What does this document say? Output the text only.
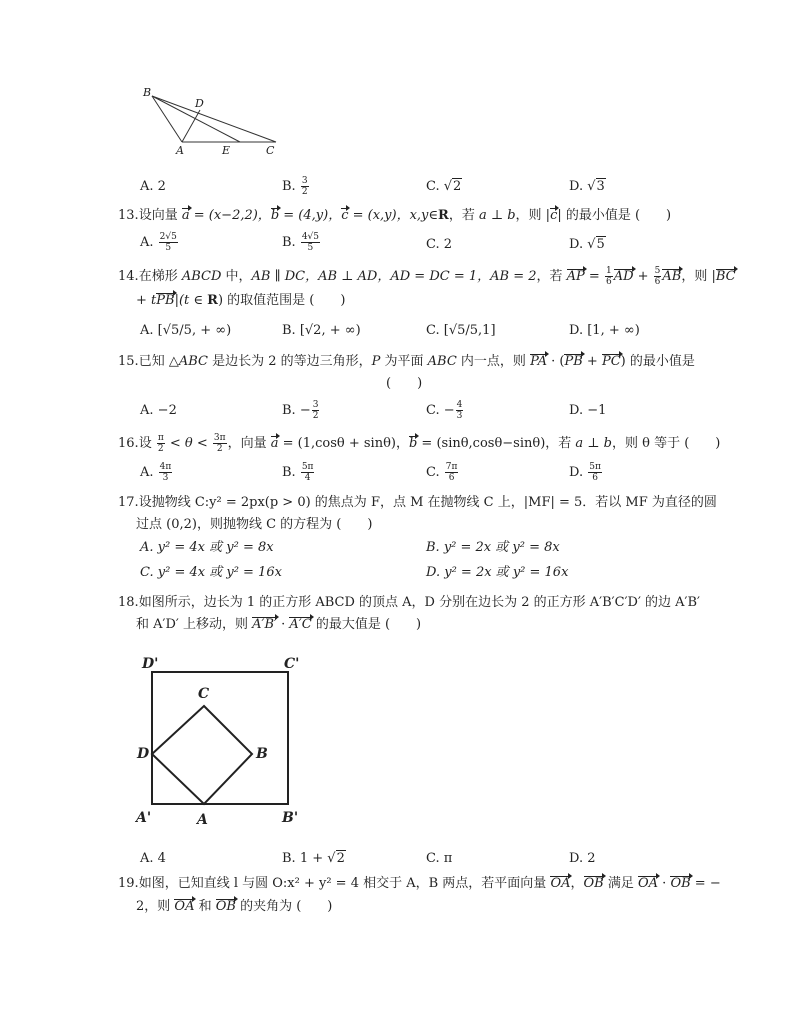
B
D
A	E	C
A. 2	B. $\frac{3}{2}$	C. √2	D. √3
13.设向量 a = (x−2,2)，b = (4,y)，c = (x,y)，x,y∈R，若 a ⊥ b，则 |c| 的最小值是 (　　)
A. $\frac{2√5}{5}$	B. $\frac{4√5}{5}$	C. 2	D. √5
14.在梯形 ABCD 中，AB ∥ DC，AB ⊥ AD，AD = DC = 1，AB = 2，若 AP = $\frac{1}{6}$ AD + $\frac{5}{6}$ AB，则 |BC
+ tPB|(t ∈ R) 的取值范围是 (　　)
A. [√5/5, + ∞)	B. [√2, + ∞)	C. [√5/5,1]	D. [1, + ∞)
15.已知 △ABC 是边长为 2 的等边三角形，P 为平面 ABC 内一点，则 PA · (PB + PC) 的最小值是
(　　)
A. −2	B. − $\frac{3}{2}$	C. − $\frac{4}{3}$	D. −1
16.设 $\frac{\pi}{2} < \theta < \frac{3\pi}{2}$ ，向量 a = (1,cosθ + sinθ)，b = (sinθ,cosθ−sinθ)，若 a ⊥ b，则 θ 等于 (　　)
A. $\frac{4\pi}{3}$	B. $\frac{5\pi}{4}$	C. $\frac{7\pi}{6}$	D. $\frac{5\pi}{6}$
17.设抛物线 C:y² = 2px(p > 0) 的焦点为 F，点 M 在抛物线 C 上，|MF| = 5．若以 MF 为直径的圆
过点 (0,2)，则抛物线 C 的方程为 (　　)
A. y² = 4x 或 y² = 8x	B. y² = 2x 或 y² = 8x
C. y² = 4x 或 y² = 16x	D. y² = 2x 或 y² = 16x
18.如图所示，边长为 1 的正方形 ABCD 的顶点 A，D 分别在边长为 2 的正方形 A′B′C′D′ 的边 A′B′
和 A′D′ 上移动，则 A′B′ · A′C 的最大值是 (　　)
D'	C'
C
D	B
A'	A	B'
A. 4	B. 1 + √2	C. π	D. 2
19.如图，已知直线 l 与圆 O:x² + y² = 4 相交于 A，B 两点，若平面向量 OA，OB 满足 OA · OB = −
2，则 OA 和 OB 的夹角为 (　　)
